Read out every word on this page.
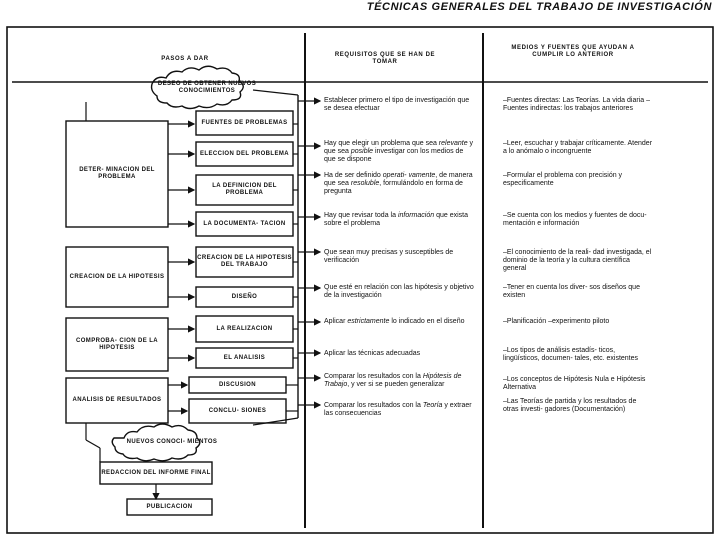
TÉCNICAS GENERALES DEL TRABAJO DE INVESTIGACIÓN
PASOS A DAR
REQUISITOS QUE SE HAN DE TOMAR
MEDIOS Y FUENTES QUE AYUDAN A CUMPLIR LO ANTERIOR
DESEO DE OBTENER NUEVOS CONOCIMIENTOS
NUEVOS CONOCI- MIENTOS
DETER- MINACION DEL PROBLEMA
CREACION DE LA HIPOTESIS
COMPROBA- CION DE LA HIPOTESIS
ANALISIS DE RESULTADOS
FUENTES DE PROBLEMAS
ELECCION DEL PROBLEMA
LA DEFINICION DEL PROBLEMA
LA DOCUMENTA- TACION
CREACION DE LA HIPOTESIS DEL TRABAJO
DISEÑO
LA REALIZACION
EL ANALISIS
DISCUSION
CONCLU- SIONES
REDACCION DEL INFORME FINAL
PUBLICACION
Establecer primero el tipo de investigación que se desea efectuar
Hay que elegir un problema que sea relevante y que sea posible investigar con los medios de que se dispone
Ha de ser definido operati- vamente, de manera que sea resoluble, formulándolo en forma de pregunta
Hay que revisar toda la información que exista sobre el problema
Que sean muy precisas y susceptibles de verificación
Que esté en relación con las hipótesis y objetivo de la investigación
Aplicar estrictamente lo indicado en el diseño
Aplicar las técnicas adecuadas
Comparar los resultados con la Hipótesis de Trabajo, y ver si se pueden generalizar
Comparar los resultados con la Teoría y extraer las consecuencias
–Fuentes directas: Las Teorías. La vida diaria –Fuentes indirectas: los trabajos anteriores
–Leer, escuchar y trabajar críticamente. Atender a lo anómalo o incongruente
–Formular el problema con precisión y especificamente
–Se cuenta con los medios y fuentes de docu- mentación e información
–El conocimiento de la reali- dad investigada, el dominio de la teoría y la cultura científica general
–Tener en cuenta los diver- sos diseños que existen
–Planificación –experimento piloto
–Los tipos de análisis estadís- ticos, lingüísticos, documen- tales, etc. existentes
–Los conceptos de Hipótesis Nula e Hipótesis Alternativa
–Las Teorías de partida y los resultados de otras investi- gadores (Documentación)
